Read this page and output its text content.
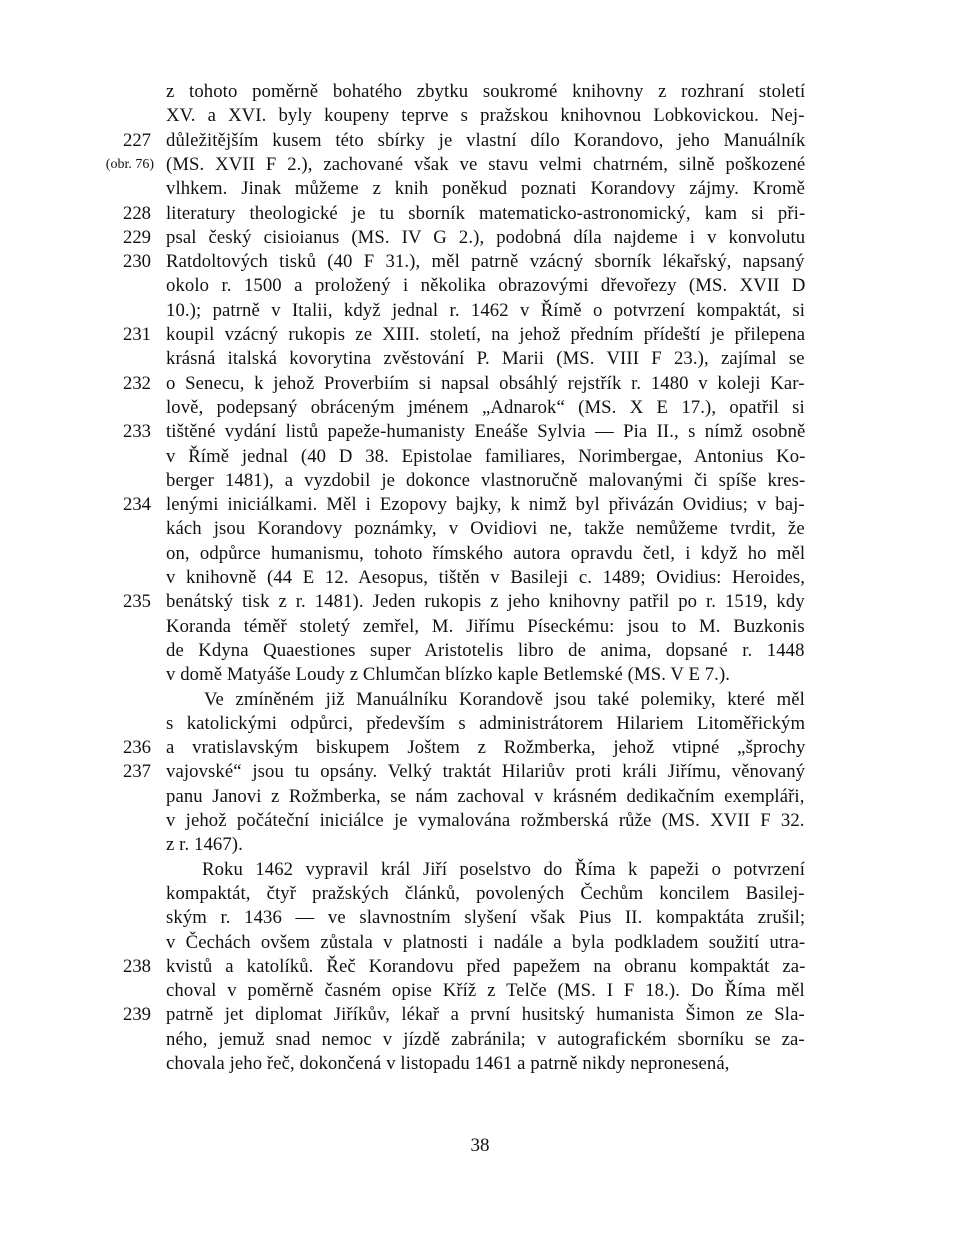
z tohoto poměrně bohatého zbytku soukromé knihovny z rozhraní století
XV. a XVI. byly koupeny teprve s pražskou knihovnou Lobkovickou. Nej-
důležitějším kusem této sbírky je vlastní dílo Korandovo, jeho Manuálník
(MS. XVII F 2.), zachované však ve stavu velmi chatrném, silně poškozené
vlhkem. Jinak můžeme z knih poněkud poznati Korandovy zájmy. Kromě
literatury theologické je tu sborník matematicko-astronomický, kam si při-
psal český cisioianus (MS. IV G 2.), podobná díla najdeme i v konvolutu
Ratdoltových tisků (40 F 31.), měl patrně vzácný sborník lékařský, napsaný
okolo r. 1500 a proložený i několika obrazovými dřevořezy (MS. XVII D
10.); patrně v Italii, když jednal r. 1462 v Římě o potvrzení kompaktát, si
koupil vzácný rukopis ze XIII. století, na jehož předním přídeští je přilepena
krásná italská kovorytina zvěstování P. Marii (MS. VIII F 23.), zajímal se
o Senecu, k jehož Proverbiím si napsal obsáhlý rejstřík r. 1480 v koleji Kar-
lově, podepsaný obráceným jménem „Adnarok“ (MS. X E 17.), opatřil si
tištěné vydání listů papeže-humanisty Eneáše Sylvia — Pia II., s nímž osobně
v Římě jednal (40 D 38. Epistolae familiares, Norimbergae, Antonius Ko-
berger 1481), a vyzdobil je dokonce vlastnoručně malovanými či spíše kres-
lenými iniciálkami. Měl i Ezopovy bajky, k nimž byl přivázán Ovidius; v baj-
kách jsou Korandovy poznámky, v Ovidiovi ne, takže nemůžeme tvrdit, že
on, odpůrce humanismu, tohoto římského autora opravdu četl, i když ho měl
v knihovně (44 E 12. Aesopus, tištěn v Basileji c. 1489; Ovidius: Heroides,
benátský tisk z r. 1481). Jeden rukopis z jeho knihovny patřil po r. 1519, kdy
Koranda téměř stoletý zemřel, M. Jiřímu Píseckému: jsou to M. Buzkonis
de Kdyna Quaestiones super Aristotelis libro de anima, dopsané r. 1448
v domě Matyáše Loudy z Chlumčan blízko kaple Betlemské (MS. V E 7.).
Ve zmíněném již Manuálníku Korandově jsou také polemiky, které měl
s katolickými odpůrci, především s administrátorem Hilariem Litoměřickým
a vratislavským biskupem Joštem z Rožmberka, jehož vtipné „šprochy
vajovské“ jsou tu opsány. Velký traktát Hilariův proti králi Jiřímu, věnovaný
panu Janovi z Rožmberka, se nám zachoval v krásném dedikačním exempláři,
v jehož počáteční iniciálce je vymalována rožmberská růže (MS. XVII F 32.
z r. 1467).
Roku 1462 vypravil král Jiří poselstvo do Říma k papeži o potvrzení
kompaktát, čtyř pražských článků, povolených Čechům koncilem Basilej-
ským r. 1436 — ve slavnostním slyšení však Pius II. kompaktáta zrušil;
v Čechách ovšem zůstala v platnosti i nadále a byla podkladem soužití utra-
kvistů a katolíků. Řeč Korandovu před papežem na obranu kompaktát za-
choval v poměrně časném opise Kříž z Telče (MS. I F 18.). Do Říma měl
patrně jet diplomat Jiříkův, lékař a první husitský humanista Šimon ze Sla-
ného, jemuž snad nemoc v jízdě zabránila; v autografickém sborníku se za-
chovala jeho řeč, dokončená v listopadu 1461 a patrně nikdy nepronesená,
227
(obr. 76)
228
229
230
231
232
233
234
235
236
237
238
239
38
